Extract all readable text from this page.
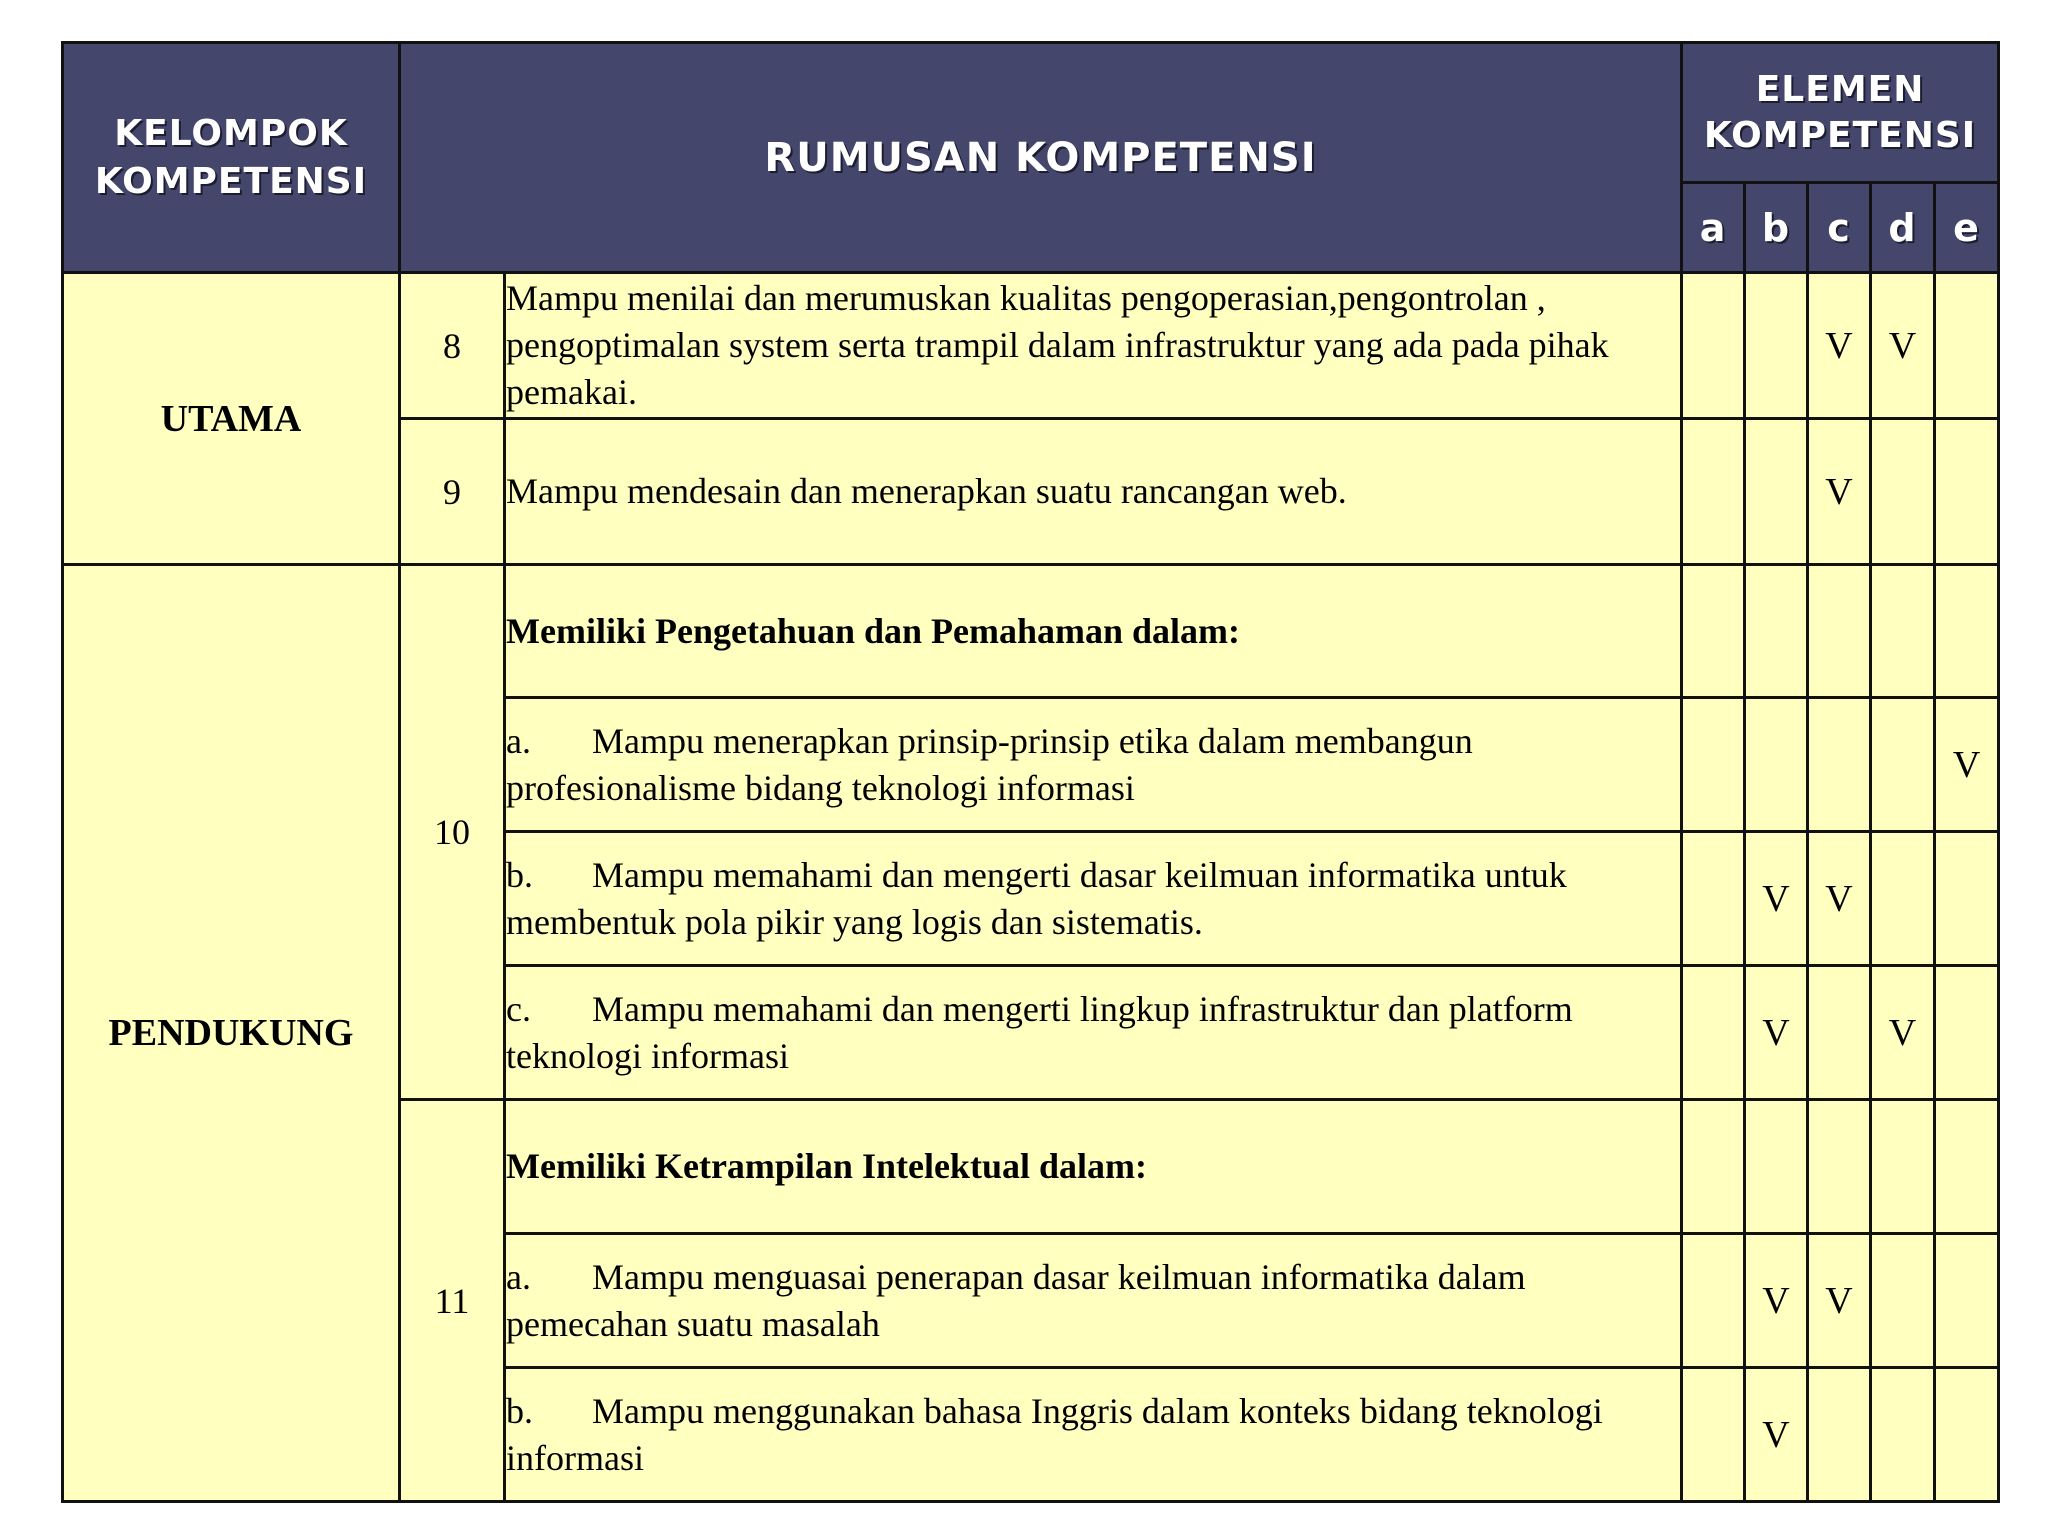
KELOMPOK KOMPETENSI	RUMUSAN KOMPETENSI		ELEMEN KOMPETENSI				
			a	b	c	d	e
UTAMA	8	Mampu menilai dan merumuskan kualitas pengoperasian,pengontrolan , pengoptimalan system serta trampil dalam infrastruktur yang ada pada pihak pemakai.			V	V	
	9	Mampu mendesain dan menerapkan suatu rancangan web.			V		
PENDUKUNG	10	Memiliki Pengetahuan dan Pemahaman dalam:					
		a. Mampu menerapkan prinsip-prinsip etika dalam membangun profesionalisme bidang teknologi informasi					V
		b. Mampu memahami dan mengerti dasar keilmuan informatika untuk membentuk pola pikir yang logis dan sistematis.		V	V		
		c. Mampu memahami dan mengerti lingkup infrastruktur dan platform teknologi informasi		V		V	
	11	Memiliki Ketrampilan Intelektual dalam:					
		a. Mampu menguasai penerapan dasar keilmuan informatika dalam pemecahan suatu masalah		V	V		
		b. Mampu menggunakan bahasa Inggris dalam konteks bidang teknologi informasi		V			
